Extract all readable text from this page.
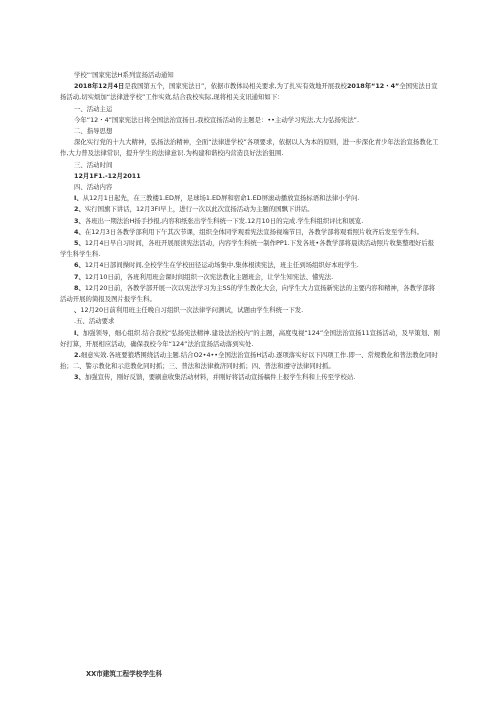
学校“‘国家宪法H系列宣扬活动通知

2018年12月4日是我国第五个，国家宪法日”，依据市教体局相关要求,为了扎实有效地开展我校2018年“12・4”全国宪法日宣扬活动,切实烦加“法律进学校”工作实效,结合我校实际,现将相关支讯通知如下：

一、活动主运

今年“12・4”国家宪法日将全国法治宣扬日,我校宣扬活动的主题是：••主动学习宪法,大力弘扬宪法”.

二、指导思想

深化实行党的十九大精神，弘扬法治精神，全面“法律进学校”各项要求，依据以人为本的原则，进一步深化青少年法治宣扬教化工作,大力普及法律常识，提升学生的法律意识.为构建和谐校内营造良好法治狙围.

三、活动时间

12月1F1.-12月2011

四、活动内容

I、从12月1日起先，在三教楼1.ED屏，足球场1.ED屏和宿命1.ED屏滚动播放宣扬标语和法律小学问.

2、实行国旗下讲话，12月3FI早上，进行一次以此次宣扬活动为主题的国飘下讲话。

3、各班出一期法治H扬手抄报,内容和纸张出学生科统一下发.12月10日的完成.学生科组织评比和展览.

4、在12月3日各教学部利用下午其次节课，组织全体同学观看宪法宣扬视端节目，各教学部将观看照片收齐后发至学生科。

5、12月4日早自习时间，各班开展展读宪法活动，内容学生科统一制作PP1.下发各班•各教学部将晨读活动照片收集整理好后报学生科学生科.

6、12月4日部间操时间,全校学生在学校田径运动场集中,集体根读宪法，班主任到场组织好本班学生.

7、12月10日前，各班利用班会课时间组织一次宪法教化主题班会，让学生知宪法、懂宪法.

8、12月20日前，各教学部开展一次以宪法学习为主SS的学生教化大会，向学生大力宣扬新宪法的主要内容和精神，各教学部将活动开展的简报及图片报学生科。

、12月20日前利用班主任晚自习组织一次法律学问测试，试题由学生科统一下发.

.五、活动要求

I、加强领导，细心组织.结合我校“弘扬宪法精神.建设法治校内”的主题，高度曳视“124”全国法治宣扬11宣扬活动，及早策划、刚好打算，开展相应活动，确保我校今年“124”法治宣扬活动落到实处.

2.细意实效.各班要狼塔围绕活动主题.结合O2•4••全国法治宣扬H活动.逐项落实好以下四项工作.即一、常规教化和普法教化同时抬；二、警示教化和示范教化同时抓；三、普法和法律救济同时抓；四、普法和遵守法律同时抓。

3、加强宣传，刚好反馈，要刷意收集活动材料，并刚好将活动宣扬稿件上报学生科和上传至学校站.

XX市建筑工程学校学生科
